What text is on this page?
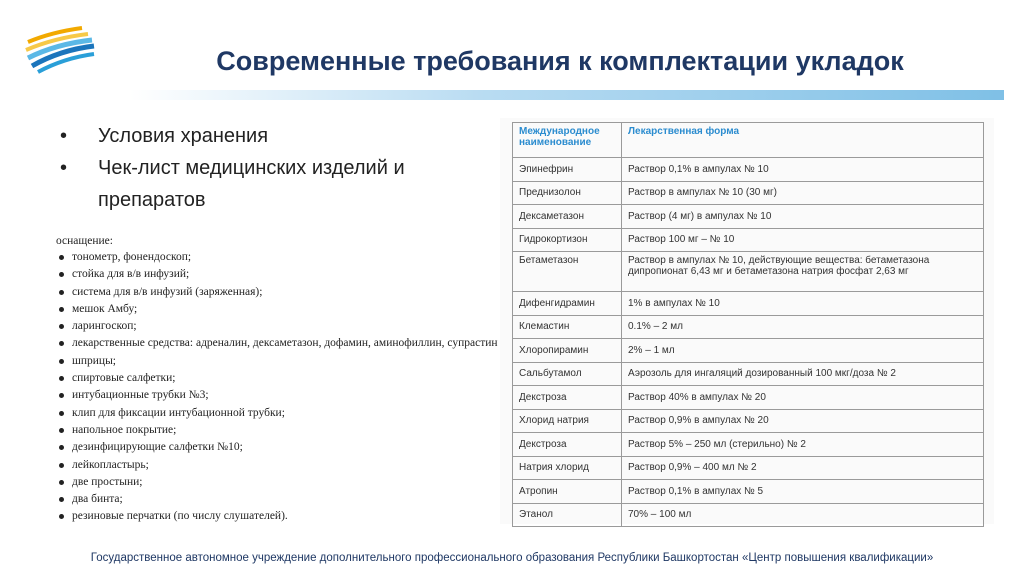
Современные требования к комплектации укладок
• Условия хранения
• Чек-лист медицинских изделий и препаратов
оснащение:
тонометр, фонендоскоп;
стойка для в/в инфузий;
система для в/в инфузий (заряженная);
мешок Амбу;
ларингоскоп;
лекарственные средства: адреналин, дексаметазон, дофамин, аминофиллин, супрастин
шприцы;
спиртовые салфетки;
интубационные трубки №3;
клип для фиксации интубационной трубки;
напольное покрытие;
дезинфицирующие салфетки №10;
лейкопластырь;
две простыни;
два бинта;
резиновые перчатки (по числу слушателей).
Международное наименование	Лекарственная форма
Эпинефрин	Раствор 0,1% в ампулах № 10
Преднизолон	Раствор в ампулах № 10 (30 мг)
Дексаметазон	Раствор (4 мг) в ампулах № 10
Гидрокортизон	Раствор 100 мг – № 10
Бетаметазон	Раствор в ампулах № 10, действующие вещества: бетаметазона дипропионат 6,43 мг и бетаметазона натрия фосфат 2,63 мг
Дифенгидрамин	1% в ампулах № 10
Клемастин	0.1% – 2 мл
Хлоропирамин	2% – 1 мл
Сальбутамол	Аэрозоль для ингаляций дозированный 100 мкг/доза № 2
Декстроза	Раствор 40% в ампулах № 20
Хлорид натрия	Раствор 0,9% в ампулах № 20
Декстроза	Раствор 5% – 250 мл (стерильно) № 2
Натрия хлорид	Раствор 0,9% – 400 мл № 2
Атропин	Раствор 0,1% в ампулах № 5
Этанол	70% – 100 мл
Государственное автономное учреждение дополнительного профессионального образования Республики Башкортостан «Центр повышения квалификации»
